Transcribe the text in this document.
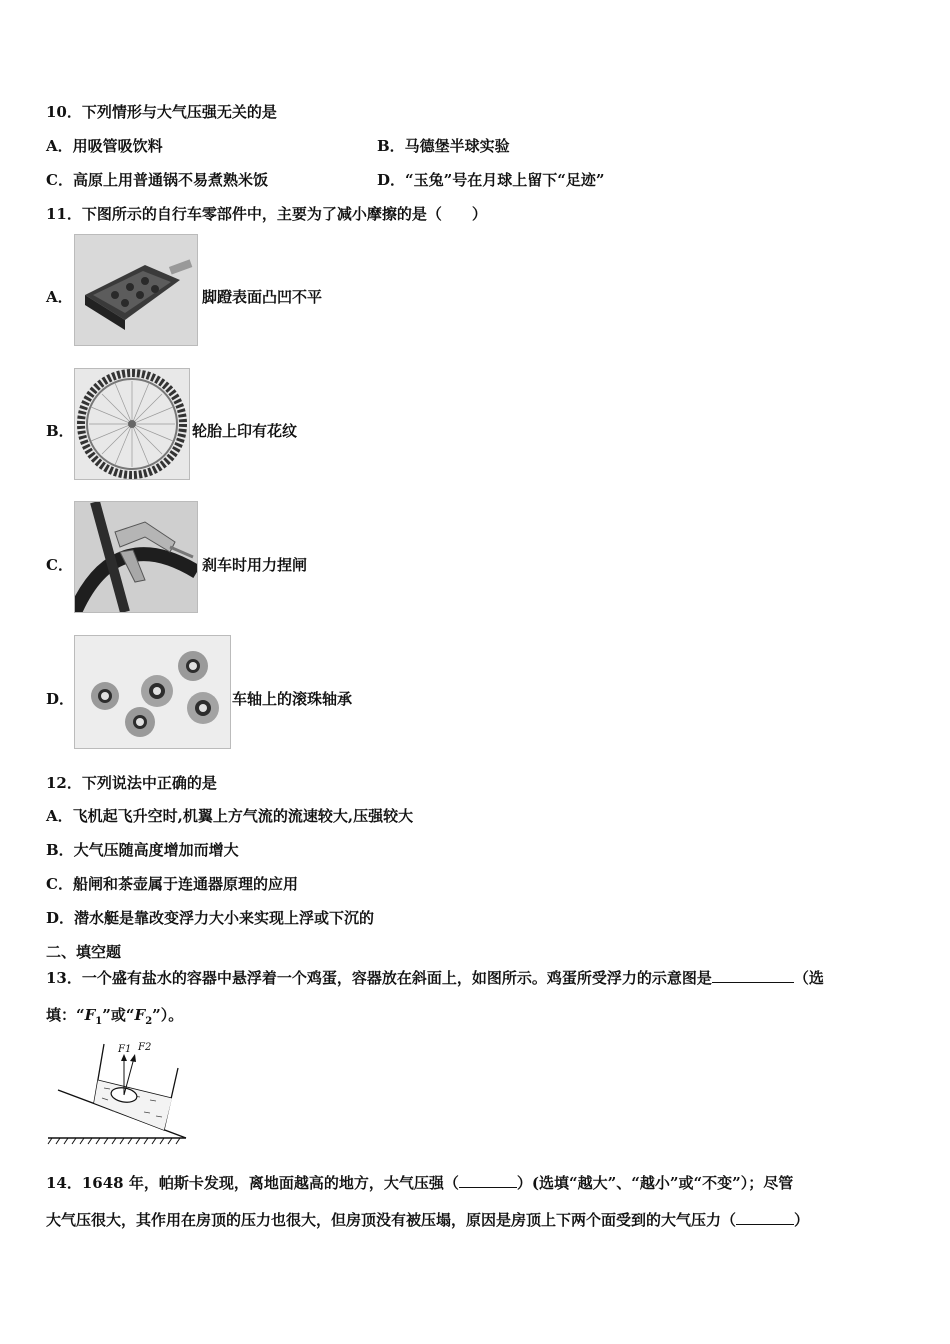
10．下列情形与大气压强无关的是
A．用吸管吸饮料	B．马德堡半球实验
C．高原上用普通锅不易煮熟米饭	D．“玉兔”号在月球上留下“足迹”
11．下图所示的自行车零部件中，主要为了减小摩擦的是（　　）
A．	脚蹬表面凸凹不平
B．	轮胎上印有花纹
C．	刹车时用力捏闸
D．	车轴上的滚珠轴承
12．下列说法中正确的是
A．飞机起飞升空时,机翼上方气流的流速较大,压强较大
B．大气压随高度增加而增大
C．船闸和茶壶属于连通器原理的应用
D．潜水艇是靠改变浮力大小来实现上浮或下沉的
二、填空题
13．一个盛有盐水的容器中悬浮着一个鸡蛋，容器放在斜面上，如图所示。鸡蛋所受浮力的示意图是	（选
填：“$F_1$”或“$F_2$”）。
F1 F2
14．1648 年，帕斯卡发现，离地面越高的地方，大气压强（	）(选填“越大”、“越小”或“不变”）；尽管
大气压很大，其作用在房顶的压力也很大，但房顶没有被压塌，原因是房顶上下两个面受到的大气压力（	）
